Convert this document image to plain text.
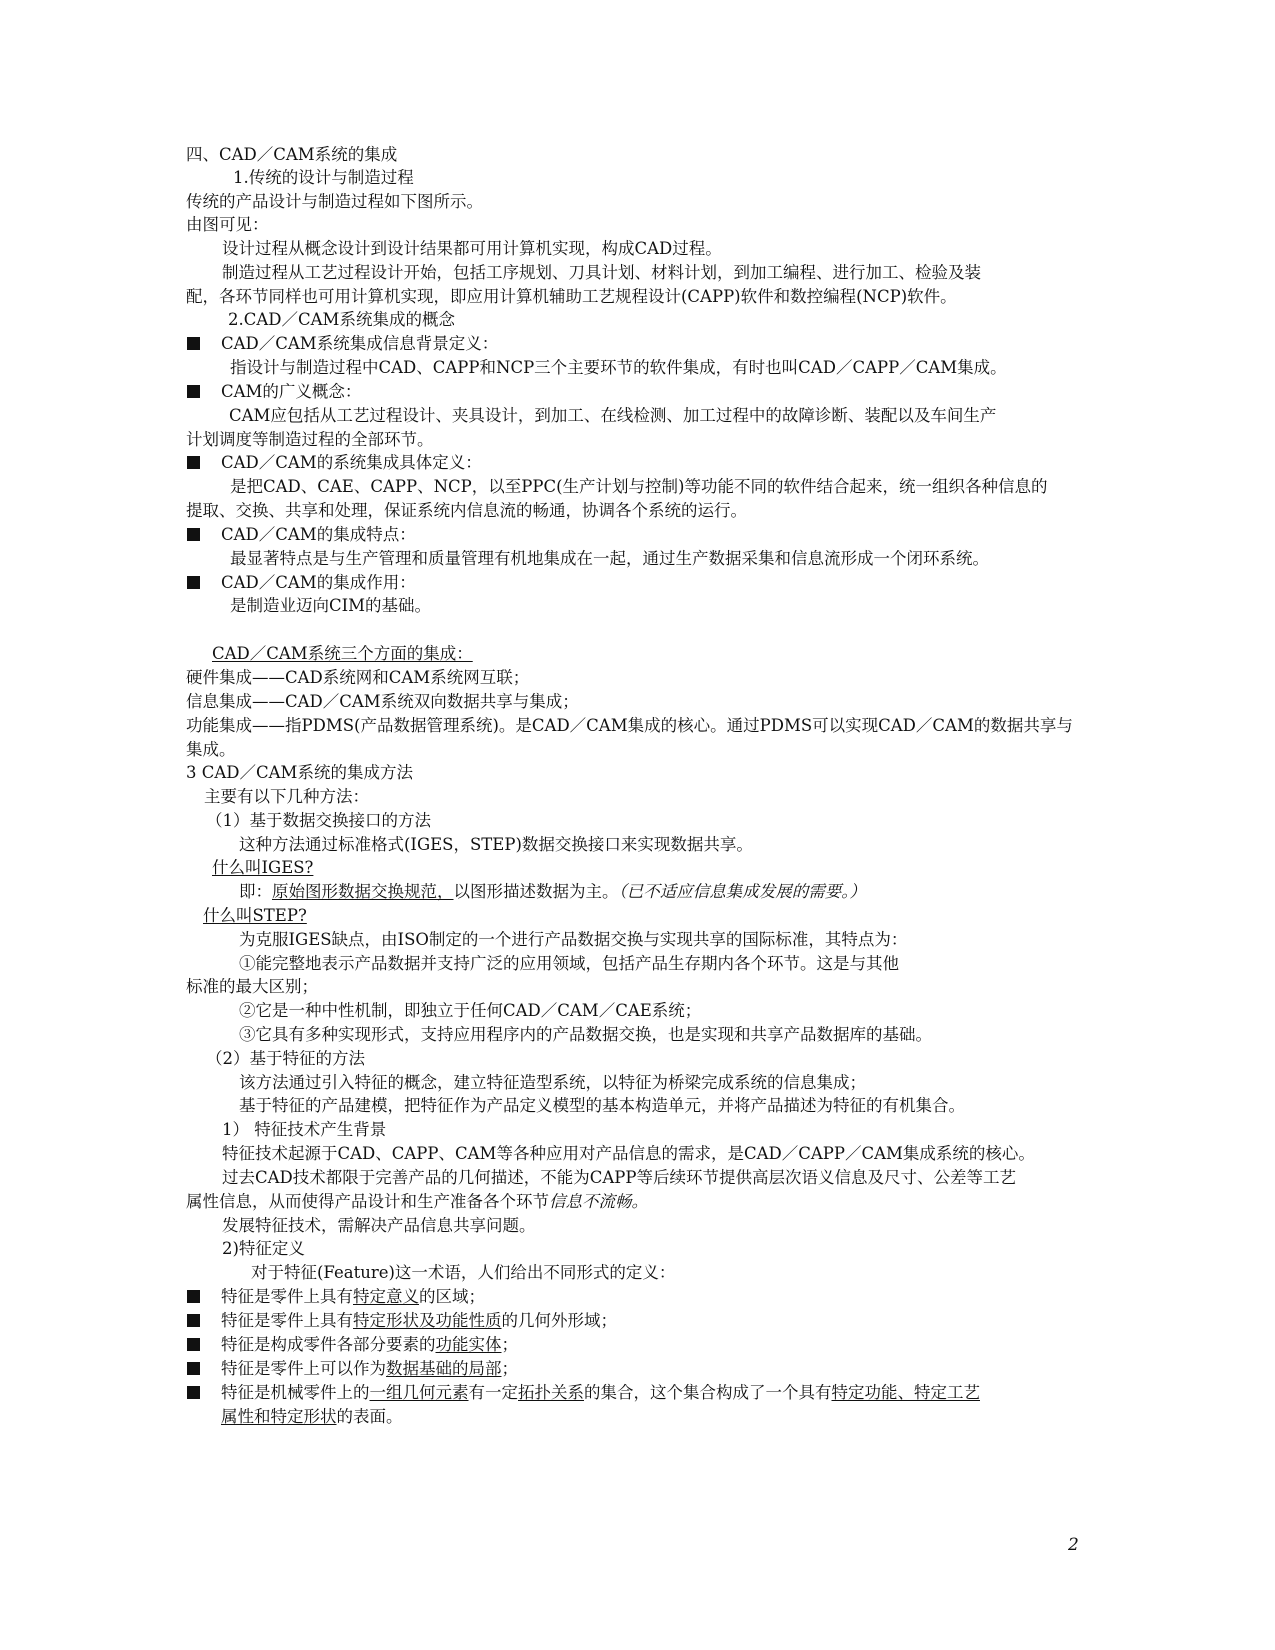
四、CAD／CAM系统的集成
1.传统的设计与制造过程
传统的产品设计与制造过程如下图所示。
由图可见：
设计过程从概念设计到设计结果都可用计算机实现，构成CAD过程。
制造过程从工艺过程设计开始，包括工序规划、刀具计划、材料计划，到加工编程、进行加工、检验及装
配，各环节同样也可用计算机实现，即应用计算机辅助工艺规程设计(CAPP)软件和数控编程(NCP)软件。
2.CAD／CAM系统集成的概念
CAD／CAM系统集成信息背景定义：
指设计与制造过程中CAD、CAPP和NCP三个主要环节的软件集成，有时也叫CAD／CAPP／CAM集成。
CAM的广义概念：
CAM应包括从工艺过程设计、夹具设计，到加工、在线检测、加工过程中的故障诊断、装配以及车间生产
计划调度等制造过程的全部环节。
CAD／CAM的系统集成具体定义：
是把CAD、CAE、CAPP、NCP，以至PPC(生产计划与控制)等功能不同的软件结合起来，统一组织各种信息的
提取、交换、共享和处理，保证系统内信息流的畅通，协调各个系统的运行。
CAD／CAM的集成特点：
最显著特点是与生产管理和质量管理有机地集成在一起，通过生产数据采集和信息流形成一个闭环系统。
CAD／CAM的集成作用：
是制造业迈向CIM的基础。
CAD／CAM系统三个方面的集成：
硬件集成——CAD系统网和CAM系统网互联；
信息集成——CAD／CAM系统双向数据共享与集成；
功能集成——指PDMS(产品数据管理系统)。是CAD／CAM集成的核心。通过PDMS可以实现CAD／CAM的数据共享与
集成。
3 CAD／CAM系统的集成方法
主要有以下几种方法：
（1）基于数据交换接口的方法
这种方法通过标准格式(IGES，STEP)数据交换接口来实现数据共享。
什么叫IGES?
即：原始图形数据交换规范，以图形描述数据为主。（已不适应信息集成发展的需要。）
什么叫STEP?
为克服IGES缺点，由ISO制定的一个进行产品数据交换与实现共享的国际标准，其特点为：
①能完整地表示产品数据并支持广泛的应用领域，包括产品生存期内各个环节。这是与其他
标准的最大区别；
②它是一种中性机制，即独立于任何CAD／CAM／CAE系统；
③它具有多种实现形式，支持应用程序内的产品数据交换，也是实现和共享产品数据库的基础。
（2）基于特征的方法
该方法通过引入特征的概念，建立特征造型系统，以特征为桥梁完成系统的信息集成；
基于特征的产品建模，把特征作为产品定义模型的基本构造单元，并将产品描述为特征的有机集合。
1） 特征技术产生背景
特征技术起源于CAD、CAPP、CAM等各种应用对产品信息的需求，是CAD／CAPP／CAM集成系统的核心。
过去CAD技术都限于完善产品的几何描述，不能为CAPP等后续环节提供高层次语义信息及尺寸、公差等工艺
属性信息，从而使得产品设计和生产准备各个环节信息不流畅。
发展特征技术，需解决产品信息共享问题。
2)特征定义
对于特征(Feature)这一术语，人们给出不同形式的定义：
特征是零件上具有特定意义的区域；
特征是零件上具有特定形状及功能性质的几何外形域；
特征是构成零件各部分要素的功能实体；
特征是零件上可以作为数据基础的局部；
特征是机械零件上的一组几何元素有一定拓扑关系的集合，这个集合构成了一个具有特定功能、特定工艺
属性和特定形状的表面。
2
